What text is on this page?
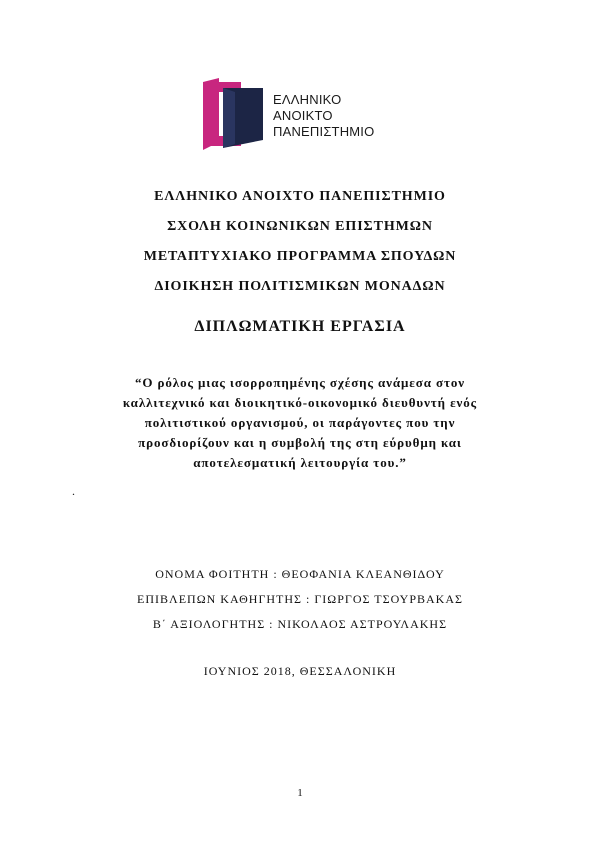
ΕΛΛΗΝΙΚΟ
ΑΝΟΙΚΤΟ
ΠΑΝΕΠΙΣΤΗΜΙΟ
ΕΛΛΗΝΙΚΟ ΑΝΟΙΧΤΟ ΠΑΝΕΠΙΣΤΗΜΙΟ
ΣΧΟΛΗ ΚΟΙΝΩΝΙΚΩΝ ΕΠΙΣΤΗΜΩΝ
ΜΕΤΑΠΤΥΧΙΑΚΟ ΠΡΟΓΡΑΜΜΑ ΣΠΟΥΔΩΝ
ΔΙΟΙΚΗΣΗ ΠΟΛΙΤΙΣΜΙΚΩΝ ΜΟΝΑΔΩΝ
ΔΙΠΛΩΜΑΤΙΚΗ ΕΡΓΑΣΙΑ
“Ο ρόλος μιας ισορροπημένης σχέσης ανάμεσα στον
καλλιτεχνικό και διοικητικό-οικονομικό διευθυντή ενός
πολιτιστικού οργανισμού, οι παράγοντες που την
προσδιορίζουν και η συμβολή της στη εύρυθμη και
αποτελεσματική λειτουργία του.”
.
ΟΝΟΜΑ ΦΟΙΤΗΤΗ : ΘΕΟΦΑΝΙΑ ΚΛΕΑΝΘΙΔΟΥ
ΕΠΙΒΛΕΠΩΝ ΚΑΘΗΓΗΤΗΣ : ΓΙΩΡΓΟΣ ΤΣΟΥΡΒΑΚΑΣ
Β΄ ΑΞΙΟΛΟΓΗΤΗΣ : ΝΙΚΟΛΑΟΣ ΑΣΤΡΟΥΛΑΚΗΣ
ΙΟΥΝΙΟΣ 2018, ΘΕΣΣΑΛΟΝΙΚΗ
1
